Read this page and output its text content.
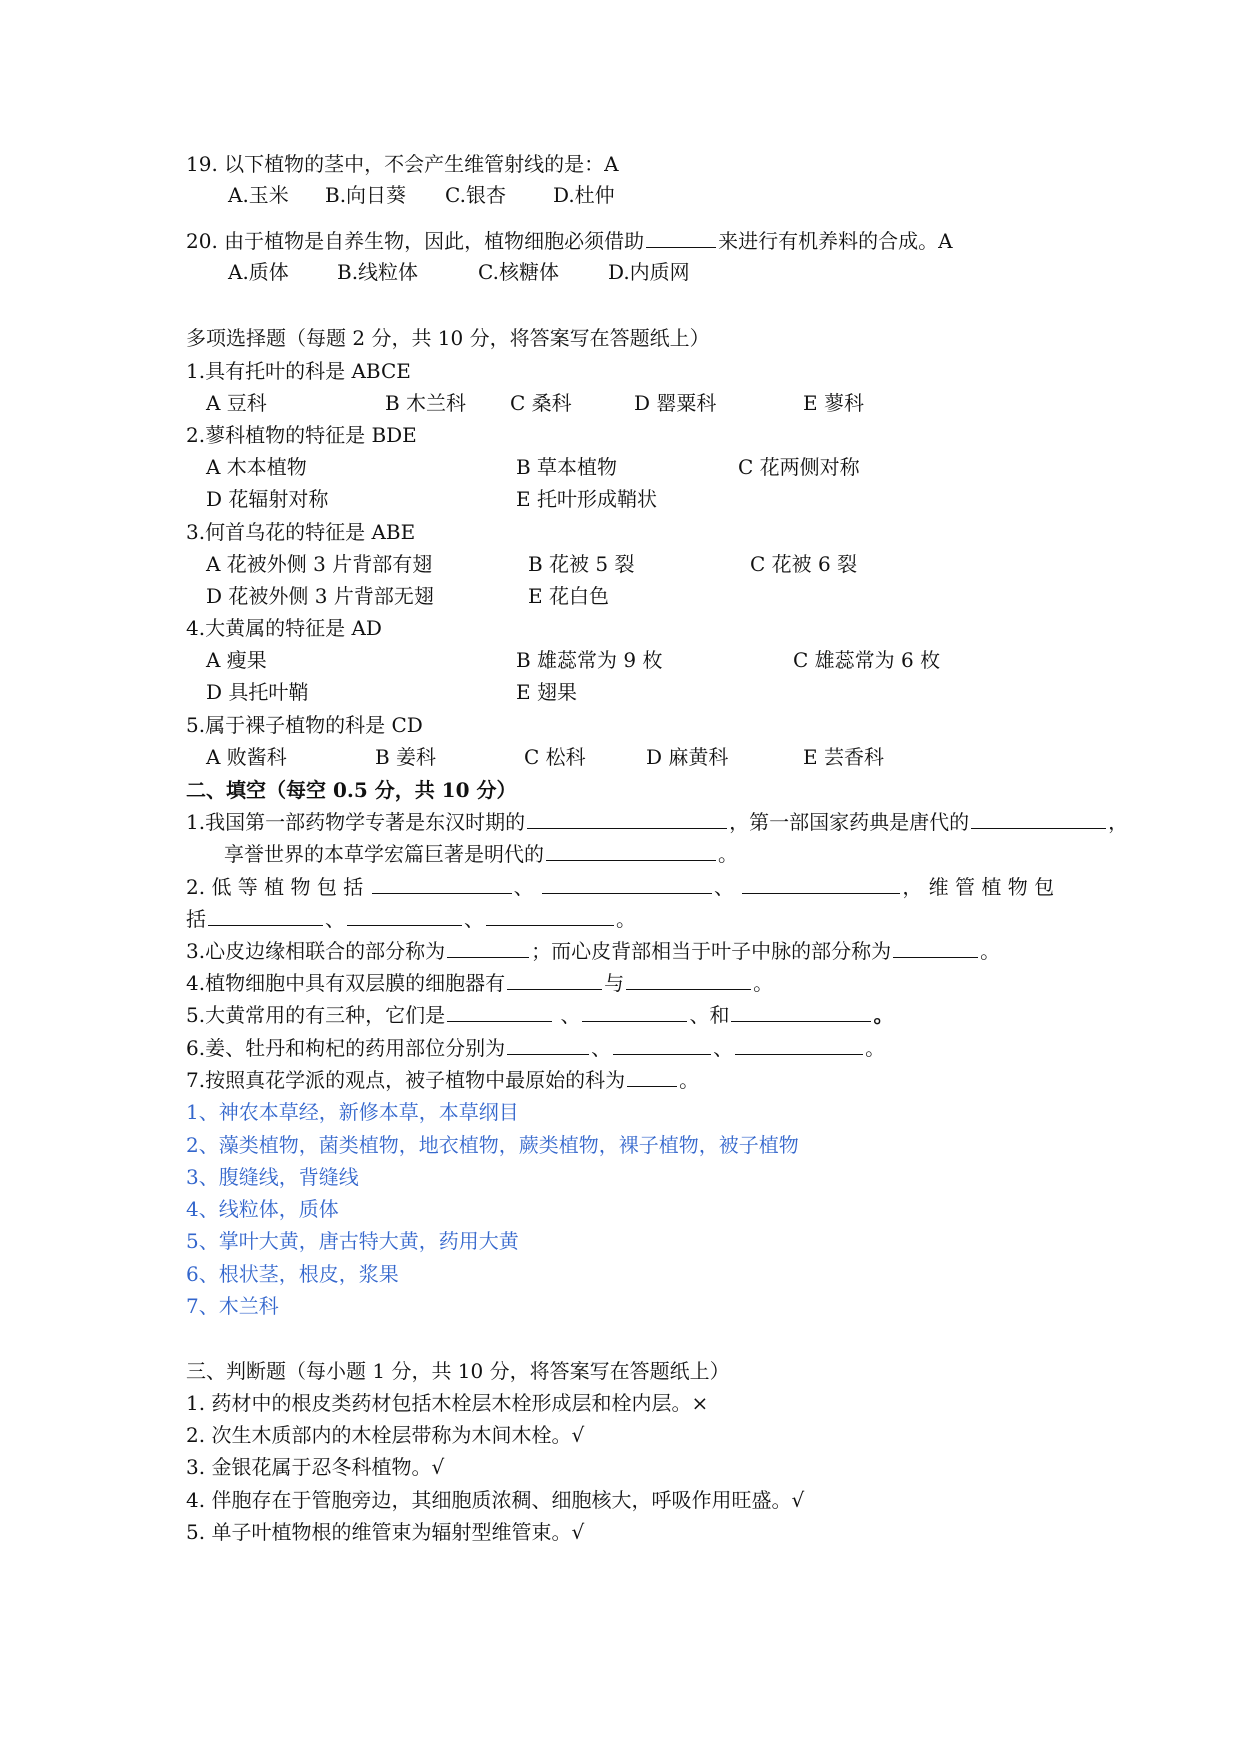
19. 以下植物的茎中，不会产生维管射线的是：A
A.玉米 B.向日葵 C.银杏 D.杜仲
20. 由于植物是自养生物，因此，植物细胞必须借助	来进行有机养料的合成。A
A.质体 B.线粒体	C.核糖体 D.内质网
多项选择题（每题 2 分，共 10 分，将答案写在答题纸上）
1.具有托叶的科是 ABCE
A 豆科	B 木兰科 C 桑科	D 罂粟科	E 蓼科
2.蓼科植物的特征是 BDE
A 木本植物	B 草本植物	C 花两侧对称
D 花辐射对称	E 托叶形成鞘状
3.何首乌花的特征是 ABE
A 花被外侧 3 片背部有翅	B 花被 5 裂	C 花被 6 裂
D 花被外侧 3 片背部无翅	E 花白色
4.大黄属的特征是 AD
A 瘦果	B 雄蕊常为 9 枚	C 雄蕊常为 6 枚
D 具托叶鞘	E 翅果
5.属于裸子植物的科是 CD
A 败酱科	B 姜科	C 松科	D 麻黄科	E 芸香科
二、填空（每空 0.5 分，共 10 分）
1.我国第一部药物学专著是东汉时期的	，第一部国家药典是唐代的	，
享誉世界的本草学宏篇巨著是明代的	。
2. 低 等 植 物 包 括	、	、	， 维 管 植 物 包
括	、	、	。
3.心皮边缘相联合的部分称为	；而心皮背部相当于叶子中脉的部分称为	。
4.植物细胞中具有双层膜的细胞器有	与	。
5.大黄常用的有三种，它们是	、	、和	。
6.姜、牡丹和枸杞的药用部位分别为	、	、	。
7.按照真花学派的观点，被子植物中最原始的科为	。
1、神农本草经，新修本草，本草纲目
2、藻类植物，菌类植物，地衣植物，蕨类植物，裸子植物，被子植物
3、腹缝线，背缝线
4、线粒体，质体
5、掌叶大黄，唐古特大黄，药用大黄
6、根状茎，根皮，浆果
7、木兰科
三、判断题（每小题 1 分，共 10 分，将答案写在答题纸上）
1. 药材中的根皮类药材包括木栓层木栓形成层和栓内层。×
2. 次生木质部内的木栓层带称为木间木栓。√
3. 金银花属于忍冬科植物。√
4. 伴胞存在于管胞旁边，其细胞质浓稠、细胞核大，呼吸作用旺盛。√
5. 单子叶植物根的维管束为辐射型维管束。√
